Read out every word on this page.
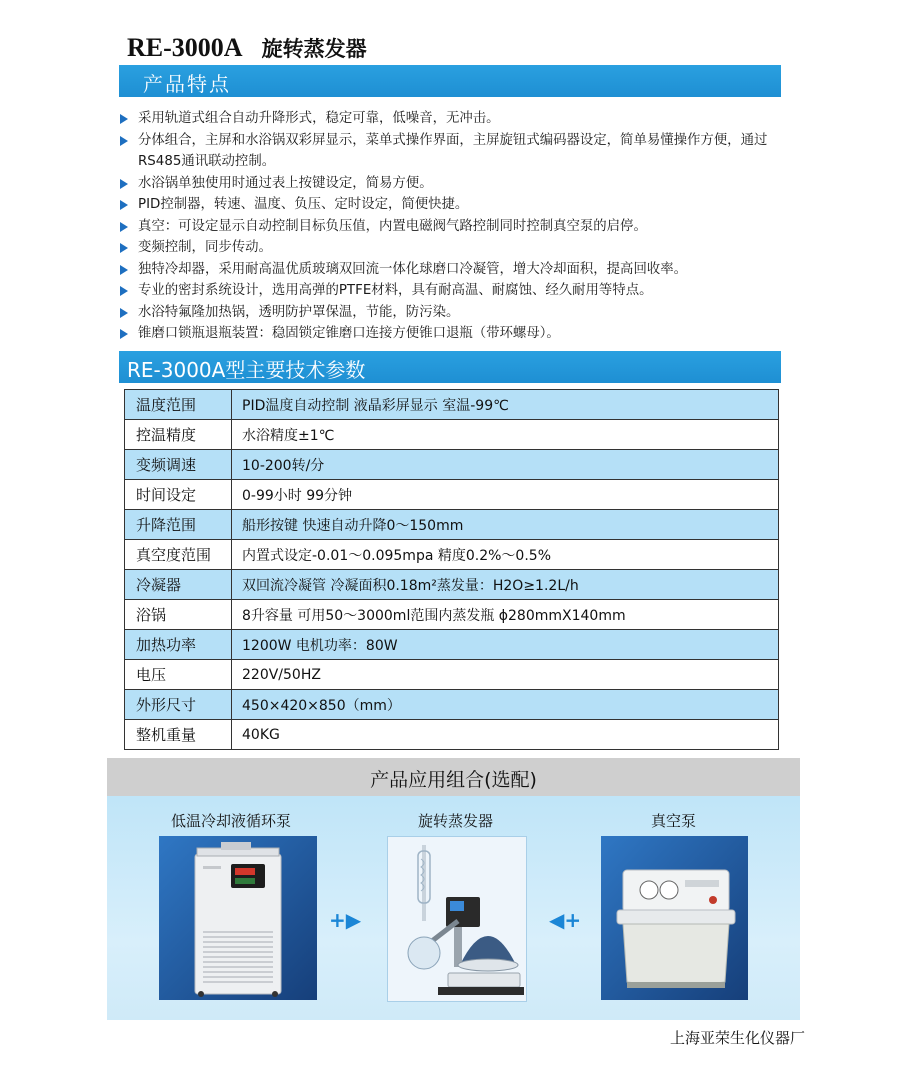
RE-3000A 旋转蒸发器
产品特点
采用轨道式组合自动升降形式，稳定可靠，低噪音，无冲击。
分体组合，主屏和水浴锅双彩屏显示，菜单式操作界面，主屏旋钮式编码器设定，简单易懂操作方便，通过RS485通讯联动控制。
水浴锅单独使用时通过表上按键设定，简易方便。
PID控制器，转速、温度、负压、定时设定，简便快捷。
真空：可设定显示自动控制目标负压值，内置电磁阀气路控制同时控制真空泵的启停。
变频控制，同步传动。
独特冷却器，采用耐高温优质玻璃双回流一体化球磨口冷凝管，增大冷却面积，提高回收率。
专业的密封系统设计，选用高弹的PTFE材料，具有耐高温、耐腐蚀、经久耐用等特点。
水浴特氟隆加热锅，透明防护罩保温，节能，防污染。
锥磨口锁瓶退瓶装置：稳固锁定锥磨口连接方便锥口退瓶（带环螺母）。
RE-3000A型主要技术参数
温度范围	PID温度自动控制 液晶彩屏显示 室温-99℃
控温精度	水浴精度±1℃
变频调速	10-200转/分
时间设定	0-99小时 99分钟
升降范围	船形按键 快速自动升降0～150mm
真空度范围	内置式设定-0.01～0.095mpa 精度0.2%～0.5%
冷凝器	双回流冷凝管 冷凝面积0.18m²蒸发量：H2O≥1.2L/h
浴锅	8升容量 可用50～3000ml范围内蒸发瓶 ϕ280mmX140mm
加热功率	1200W 电机功率：80W
电压	220V/50HZ
外形尺寸	450×420×850（mm）
整机重量	40KG
产品应用组合(选配)
低温冷却液循环泵	旋转蒸发器	真空泵
+▶	◀+
上海亚荣生化仪器厂
